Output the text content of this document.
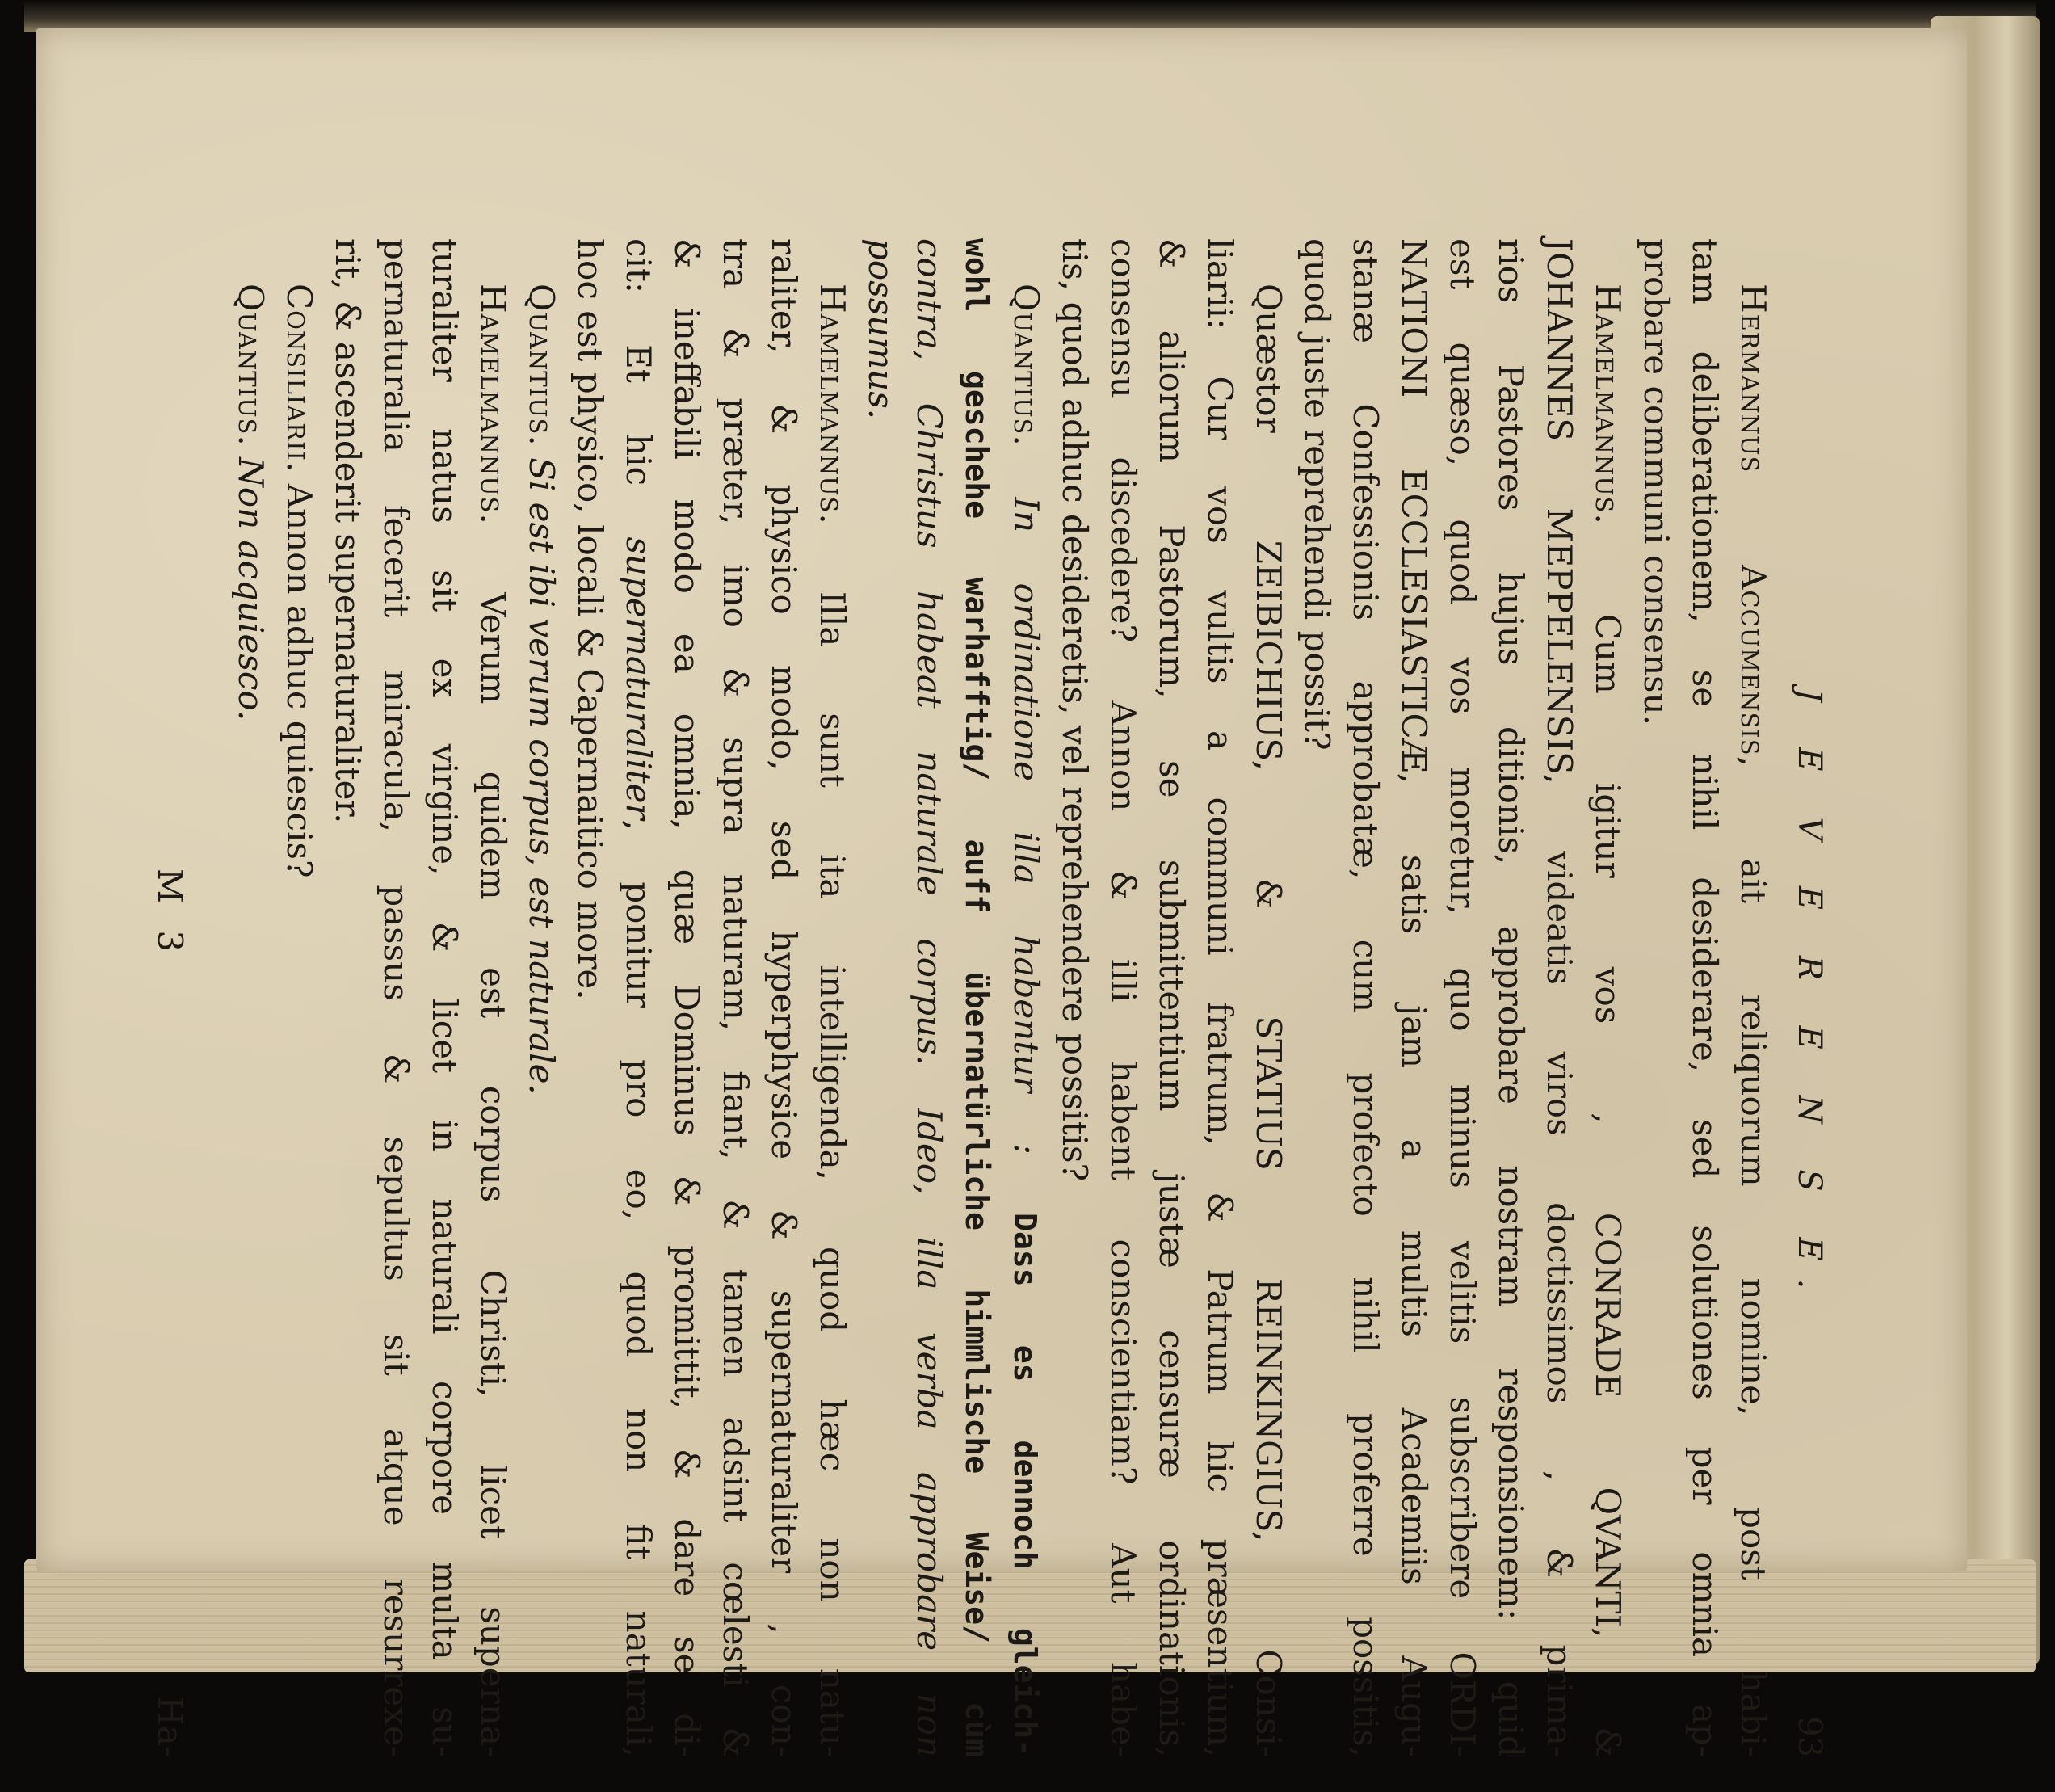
J E V E R E N S E.
93
Hermannus Accumensis, ait reliquorum nomine, post habi-
tam deliberationem, se nihil desiderare, sed solutiones per omnia ap-
probare communi consensu.
Hamelmannus. Cum igitur vos , CONRADE QVANTI, &
JOHANNES MEPPELENSIS, videatis viros doctissimos , & prima-
rios Pastores hujus ditionis, approbare nostram responsionem: quid
est quæso, quod vos moretur, quo minus velitis subscribere ORDI-
NATIONI ECCLESIASTICÆ, satis jam a multis Academiis Augu-
stanæ Confessionis approbatæ, cum profecto nihil proferre possitis,
quod juste reprehendi possit?
Quæstor ZEIBICHIUS, & STATIUS REINKINGIUS, Consi-
liarii: Cur vos vultis a communi fratrum, & Patrum hic præsentium,
& aliorum Pastorum, se submittentium justæ censuræ ordinationis,
consensu discedere? Annon & illi habent conscientiam? Aut habe-
tis, quod adhuc desideretis, vel reprehendere possitis?
Quantius. In ordinatione illa habentur : Dass es dennoch gleich-
wohl geschehe warhafftig/ auff übernatürliche himmlische Weise/ cùm
contra, Christus habeat naturale corpus. Ideo, illa verba approbare non
possumus.
Hamelmannus. Illa sunt ita intelligenda, quod hæc non natu-
raliter, & physico modo, sed hyperphysice & supernaturaliter , con-
tra & præter, imo & supra naturam, fiant, & tamen adsint cœlesti &
& ineffabili modo ea omnia, quæ Dominus & promittit, & dare se di-
cit: Et hic supernaturaliter, ponitur pro eo, quod non fit naturali,
hoc est physico, locali & Capernaitico more.
Quantius. Si est ibi verum corpus, est naturale.
Hamelmannus. Verum quidem est corpus Christi, licet superna-
turaliter natus sit ex virgine, & licet in naturali corpore multa su-
pernaturalia fecerit miracula, passus & sepultus sit atque resurrexe-
rit, & ascenderit supernaturaliter.
Consiliarii. Annon adhuc quiescis?
Quantius. Non acquiesco.
M 3
Ha-
